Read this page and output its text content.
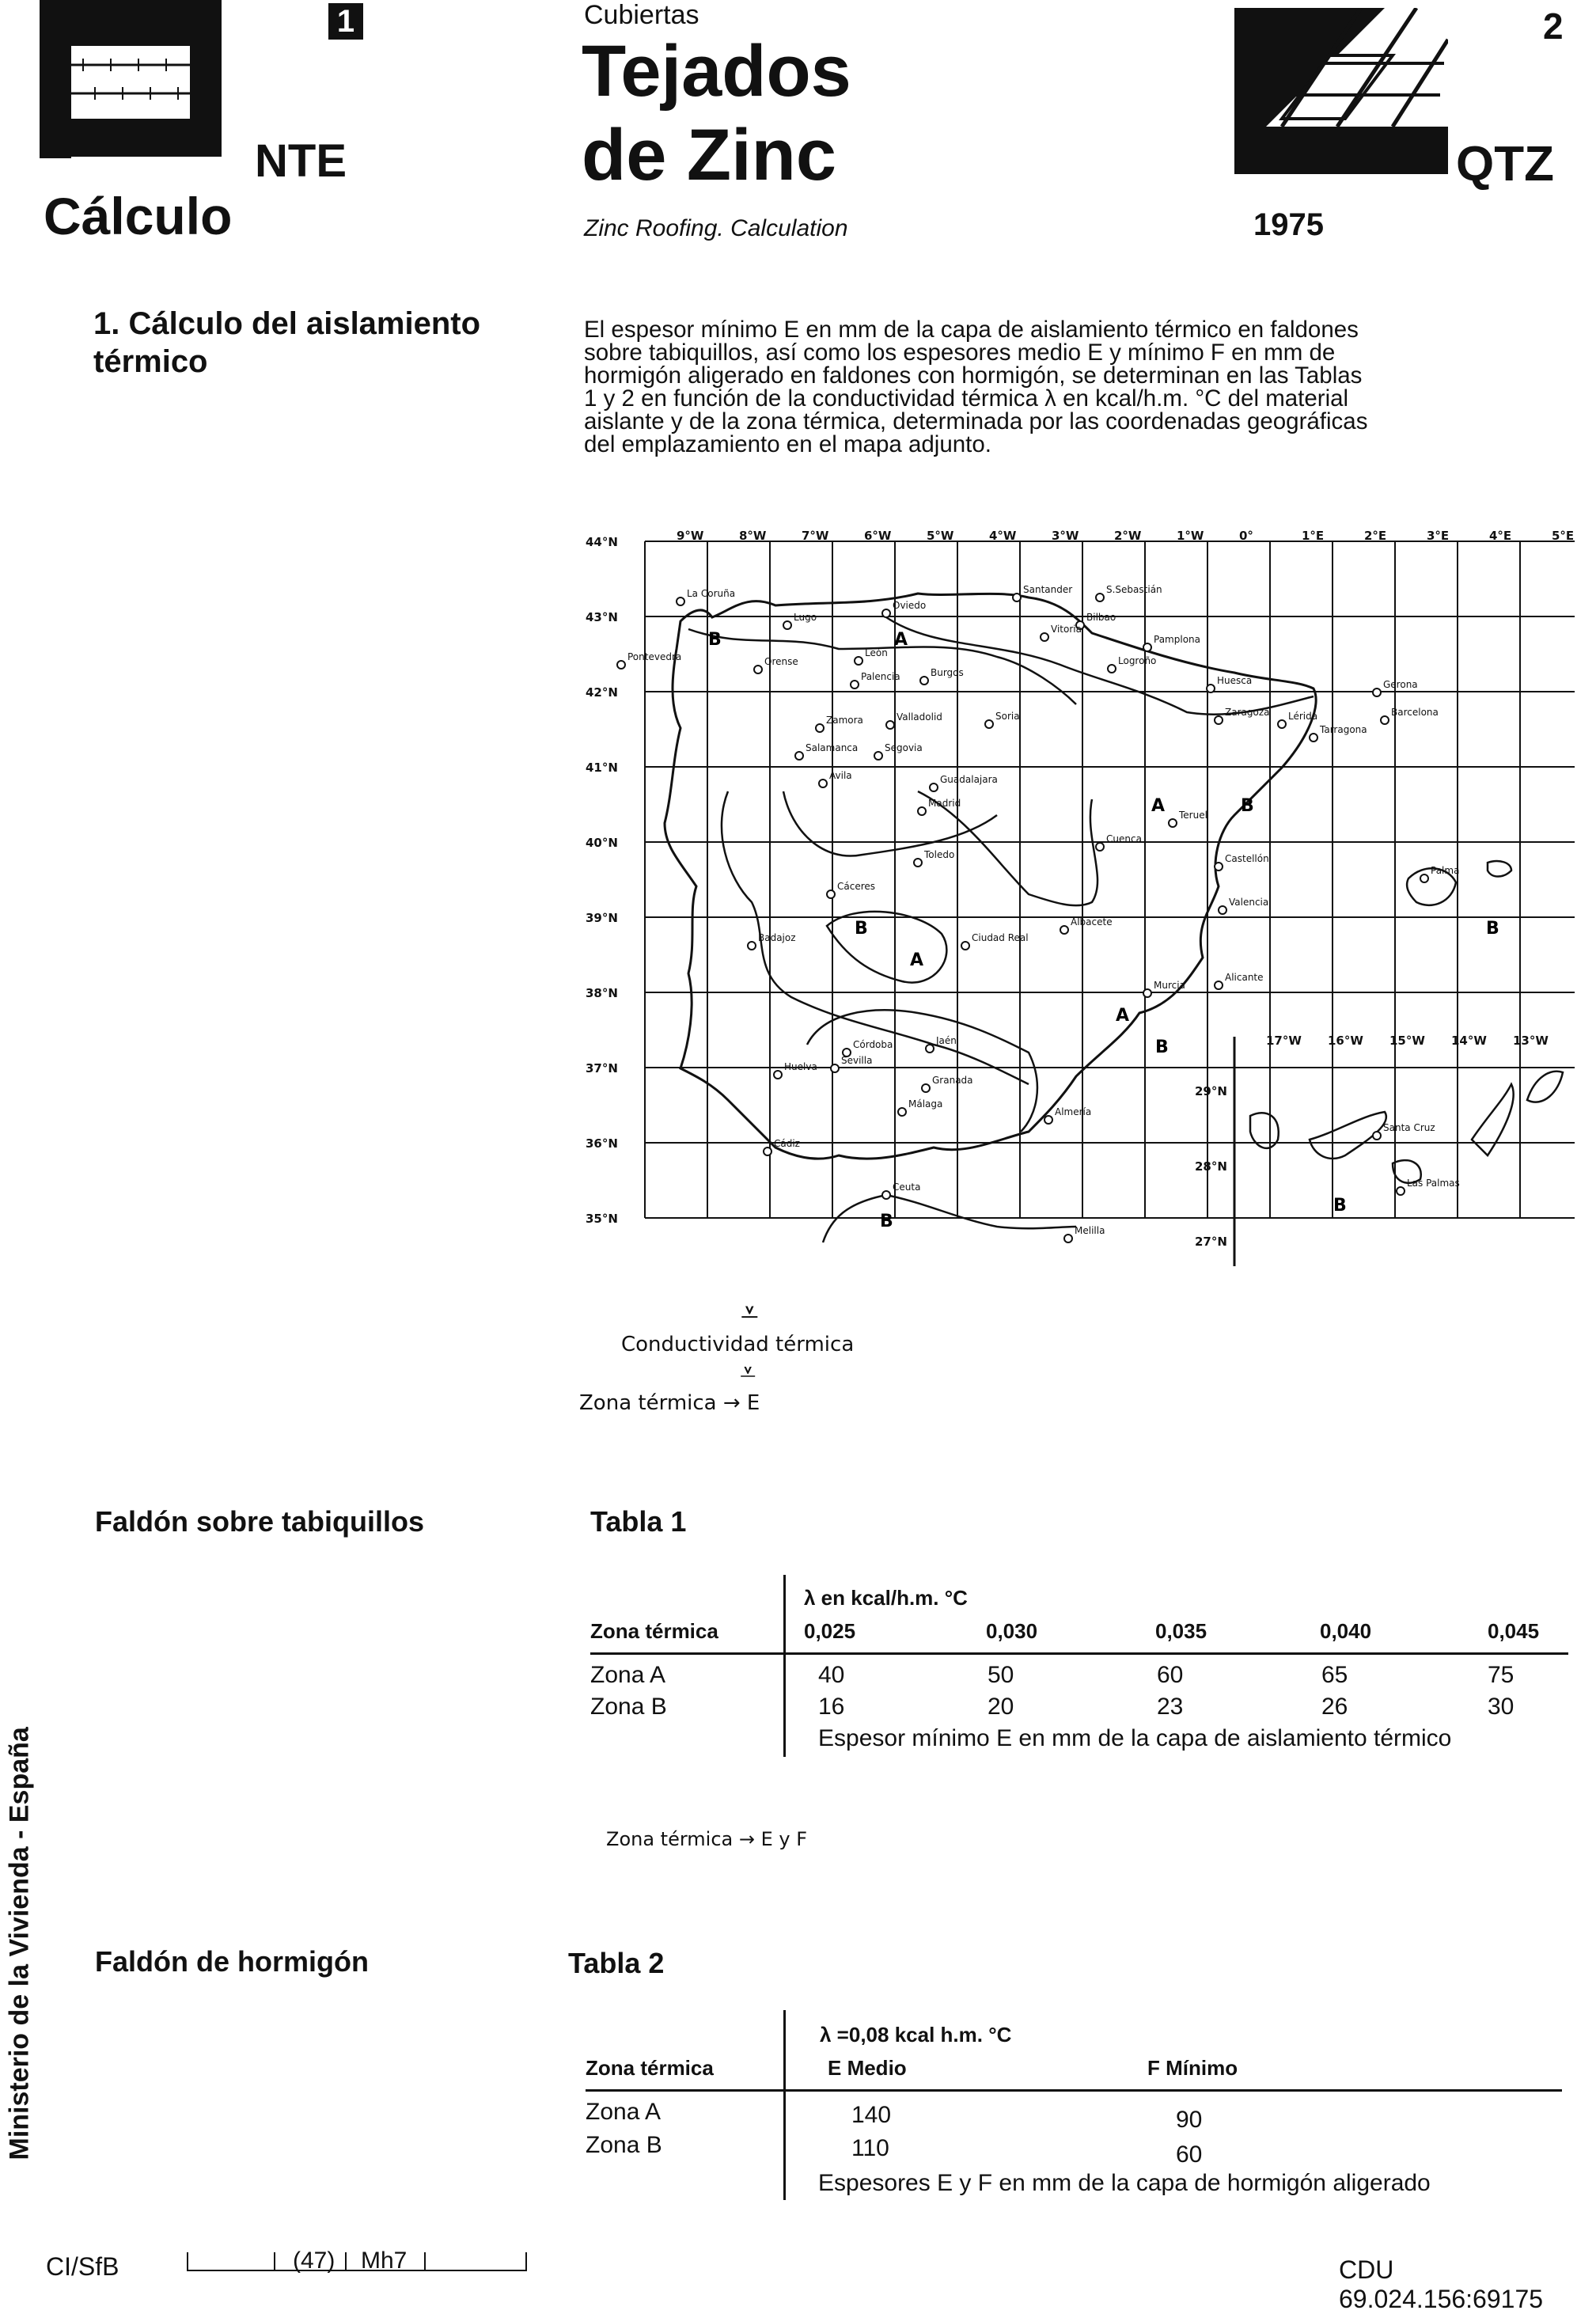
1
NTE
Cálculo
Cubiertas
Tejados
de Zinc
Zinc Roofing. Calculation
2
QTZ
1975
1. Cálculo del aislamiento térmico
El espesor mínimo E en mm de la capa de aislamiento térmico en faldones
sobre tabiquillos, así como los espesores medio E y mínimo F en mm de
hormigón aligerado en faldones con hormigón, se determinan en las Tablas
1 y 2 en función de la conductividad térmica λ en kcal/h.m. °C del material
aislante y de la zona térmica, determinada por las coordenadas geográficas
del emplazamiento en el mapa adjunto.
9°W	8°W	7°W	6°W	5°W	4°W	3°W	2°W	1°W	0°	1°E	2°E	3°E	4°E	5°E
17°W 16°W 15°W 14°W 13°W
44°N
43°N
42°N
41°N
40°N
39°N
38°N
37°N
36°N
35°N
29°N
28°N
27°N
B	A
A	B
B
A
A
B
B
B
B
La Coruña
Lugo
Oviedo
Santander	S.Sebastián
Bilbao
Vitoria
Pamplona
Logroño
Huesca	Gerona
Barcelona
Lérida
Tarragona
Zaragoza
Pontevedra	Orense
León
Palencia	Burgos
Zamora	Valladolid	Soria
Salamanca	Segovia
Avila	Guadalajara
Madrid
Teruel
Cuenca
Toledo	Castellón
Valencia
Palma
Cáceres
Badajoz	Ciudad Real
Albacete
Alicante
Murcia
Córdoba	Jaén
Sevilla
Huelva
Granada
Málaga
Almería
Cádiz
Ceuta
Melilla
Santa Cruz
Las Palmas
⩡
Conductividad térmica
⩡
Zona térmica → E
Faldón sobre tabiquillos	Tabla 1
λ en kcal/h.m. °C
Zona térmica	0,025	0,030	0,035	0,040	0,045
Zona A	40	50	60	65	75
Zona B	16	20	23	26	30
Espesor mínimo E en mm de la capa de aislamiento térmico
Zona térmica → E y F
Faldón de hormigón	Tabla 2
λ =0,08 kcal h.m. °C
Zona térmica	E Medio	F Mínimo
Zona A	140	90
Zona B	110	60
Espesores E y F en mm de la capa de hormigón aligerado
Ministerio de la Vivienda - España
CI/SfB	(47) Mh7	CDU 69.024.156:69175
